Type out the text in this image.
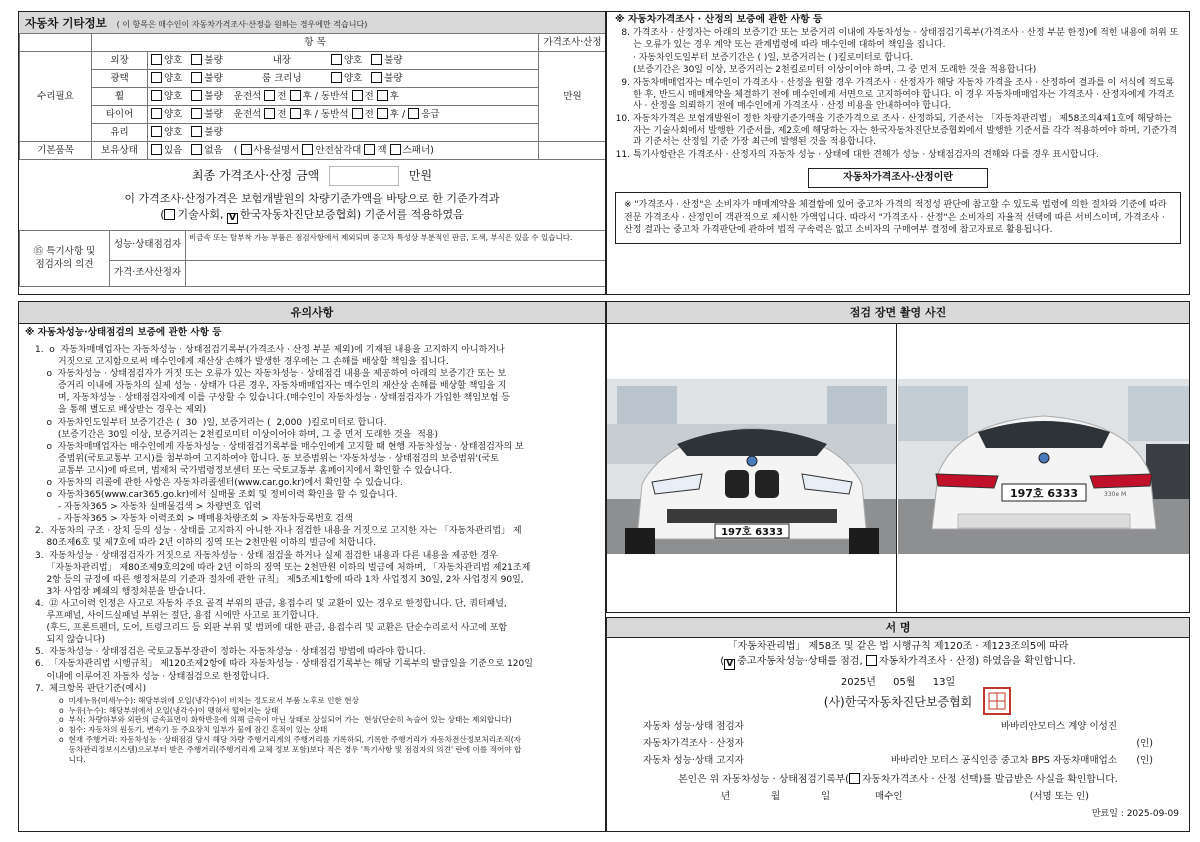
자동차 기타정보 ( 이 항목은 매수인이 자동차가격조사·산정을 원하는 경우에만 적습니다)
	항 목		가격조사·산정
수리필요	외장	양호 불량 내장 양호 불량	만원
	광택	양호 불량 룸 크리닝 양호 불량	
	휠	양호 불량 운전석 전 후 / 동반석 전 후	
	타이어	양호 불량 운전석 전 후 / 동반석 전 후 / 응급	
	유리	양호 불량	
기본품목	보유상태	있음 없음 ( 사용설명서 안전삼각대 잭 스패너)	
최종 가격조사·산정 금액	만원
이 가격조사·산정가격은 보험개발원의 차량기준가액을 바탕으로 한 기준가격과
( 기술사회, V 한국자동차진단보증협회) 기준서를 적용하였음
⑮ 특기사항 및
점검자의 의견	성능·상태점검자	비금속 또는 탈부착 가능 부품은 점검사항에서 제외되며 중고차 특성상 부분적인 판금, 도색, 부식은 있을 수 있습니다.
	가격·조사산정자	
※ 자동차가격조사 · 산정의 보증에 관한 사항 등

8. 가격조사 · 산정자는 아래의 보증기간 또는 보증거리 이내에 자동차성능 · 상태점검기록부(가격조사 · 산정 부분 한정)에 적힌 내용에 허위 또는 오류가 있는 경우 계약 또는 관계법령에 따라 매수인에 대하여 책임을 집니다.

· 자동차인도일부터 보증기간은 ( )일, 보증거리는 ( )킬로미터로 합니다.

(보증기간은 30일 이상, 보증거리는 2천킬로미터 이상이어야 하며, 그 중 먼저 도래한 것을 적용합니다)

9. 자동차매매업자는 매수인이 가격조사 · 산정을 원할 경우 가격조사 · 산정자가 해당 자동차 가격을 조사 · 산정하여 결과를 이 서식에 적도록 한 후, 반드시 매매계약을 체결하기 전에 매수인에게 서면으로 고지하여야 합니다. 이 경우 자동차매매업자는 가격조사 · 산정자에게 가격조사 · 산정을 의뢰하기 전에 매수인에게 가격조사 · 산정 비용을 안내하여야 합니다.

10. 자동차가격은 보험개발원이 정한 차량기준가액을 기준가격으로 조사 · 산정하되, 기준서는 「자동차관리법」 제58조의4제1호에 해당하는 자는 기술사회에서 발행한 기준서를, 제2호에 해당하는 자는 한국자동차진단보증협회에서 발행한 기준서를 각각 적용하여야 하며, 기준가격과 기준서는 산정일 기준 가장 최근에 발행된 것을 적용합니다.

11. 특기사항란은 가격조사 · 산정자의 자동차 성능 · 상태에 대한 견해가 성능 · 상태점검자의 견해와 다를 경우 표시합니다.

자동차가격조사·산정이란
※ "가격조사 · 산정"은 소비자가 매매계약을 체결함에 있어 중고차 가격의 적정성 판단에 참고할 수 있도록 법령에 의한 절차와 기준에 따라 전문 가격조사 · 산정인이 객관적으로 제시한 가액입니다. 따라서 "가격조사 · 산정"은 소비자의 자율적 선택에 따른 서비스이며, 가격조사 · 산정 결과는 중고차 가격판단에 관하여 법적 구속력은 없고 소비자의 구매여부 결정에 참고자료로 활용됩니다.
유의사항
※ 자동차성능·상태점검의 보증에 관한 사항 등
1.  ο  자동차매매업자는 자동차성능 · 상태점검기록부(가격조사 · 산정 부분 제외)에 기재된 내용을 고지하지 아니하거나
거짓으로 고지함으로써 매수인에게 재산상 손해가 발생한 경우에는 그 손해를 배상할 책임을 집니다.
ο  자동차성능 · 상태점검자가 거짓 또는 오류가 있는 자동차성능 · 상태점검 내용을 제공하여 아래의 보증기간 또는 보
증거리 이내에 자동차의 실제 성능 · 상태가 다른 경우, 자동차매매업자는 매수인의 재산상 손해를 배상할 책임을 지
며, 자동차성능 · 상태점검자에게 이를 구상할 수 있습니다.(매수인이 자동차성능 · 상태점검자가 가입한 책임보험 등
을 통해 별도로 배상받는 경우는 제외)
ο  자동차인도일부터 보증기간은 (  30  )일, 보증거리는 (  2,000  )킬로미터로 합니다.
(보증기간은 30일 이상, 보증거리는 2천킬로미터 이상이어야 하며, 그 중 먼저 도래한 것을  적용)
ο  자동차매매업자는 매수인에게 자동차성능 · 상태점검기록부를 매수인에게 고지할 때 현행 자동차성능 · 상태점검자의 보
증범위(국토교통부 고시)를 첨부하여 고지하여야 합니다. 동 보증범위는 '자동차성능 · 상태점검의 보증범위'(국토
교통부 고시)에 따르며, 법제처 국가법령정보센터 또는 국토교통부 홈페이지에서 확인할 수 있습니다.
ο  자동차의 리콜에 관한 사항은 자동차리콜센터(www.car.go.kr)에서 확인할 수 있습니다.
ο  자동차365(www.car365.go.kr)에서 실매물 조회 및 정비이력 확인을 할 수 있습니다.
- 자동차365 > 자동차 실매물검색 > 차량번호 입력
- 자동차365 > 자동차 이력조회 > 매매용차량조회 > 자동차등록번호 검색
2.  자동차의 구조 · 장치 등의 성능 · 상태를 고지하지 아니한 자나 점검한 내용을 거짓으로 고지한 자는 「자동차관리법」 제
80조제6호 및 제7호에 따라 2년 이하의 징역 또는 2천만원 이하의 벌금에 처합니다.
3.  자동차성능 · 상태점검자가 거짓으로 자동차성능 · 상태 점검을 하거나 실제 점검한 내용과 다른 내용을 제공한 경우
「자동차관리법」 제80조제9호의2에 따라 2년 이하의 징역 또는 2천만원 이하의 벌금에 처하며, 「자동차관리법 제21조제
2항 등의 규정에 따른 행정처분의 기준과 절차에 관한 규칙」 제5조제1항에 따라 1차 사업정지 30일, 2차 사업정지 90일,
3차 사업장 폐쇄의 행정처분을 받습니다.
4.  ⑫ 사고이력 인정은 사고로 자동차 주요 골격 부위의 판금, 용접수리 및 교환이 있는 경우로 한정합니다. 단, 쿼터패널,
루프패널, 사이드실패널 부위는 절단, 용접 시에만 사고로 표기합니다.
(후드, 프론트펜더, 도어, 트렁크리드 등 외판 부위 및 범퍼에 대한 판금, 용접수리 및 교환은 단순수리로서 사고에 포함
되지 않습니다)
5.  자동차성능 · 상태점검은 국토교통부장관이 정하는 자동차성능 · 상태점검 방법에 따라야 합니다.
6.  「자동차관리법 시행규칙」 제120조제2항에 따라 자동차성능 · 상태점검기록부는 해당 기록부의 발급일을 기준으로 120일
이내에 이루어진 자동차 성능 · 상태점검으로 한정합니다.
7.  체크항목 판단기준(예시)
ο  미세누유(미세누수): 해당부위에 오일(냉각수)이 비치는 정도로서 부품 노후로 인한 현상
ο  누유(누수): 해당부위에서 오일(냉각수)이 맺혀서 떨어지는 상태
ο  부식: 차량하부와 외판의 금속표면이 화학반응에 의해 금속이 아닌 상태로 상실되어 가는  현상(단순히 녹슬어 있는 상태는 제외합니다)
ο  침수: 자동차의 원동기, 변속기 등 주요장치 일부가 물에 잠긴 흔적이 있는 상태
ο  현재 주행거리: 자동차성능 · 상태점검 당시 해당 차량 주행거리계의 주행거리를 기록하되, 기록한 주행거리가 자동차전산정보처리조직(자
동차관리정보시스템)으로부터 받은 주행거리(주행거리계 교체 정보 포함)보다 적은 경우 '특기사항 및 점검자의 의견' 란에 이를 적어야 합
니다.
점검 장면 촬영 사진
197호 6333
330e M
197호 6333
서 명
「자동차관리법」 제58조 및 같은 법 시행규칙 제120조 · 제123조의5에 따라
( V 중고자동차성능·상태를 점검, 자동차가격조사 · 산정) 하였음을 확인합니다.
2025년 05월 13일
(사)한국자동차진단보증협회
자동차 성능·상태 점검자	바바리안모터스 계양 이성진
자동차가격조사 · 산정자	(인)
자동차 성능·상태 고지자	바바리안 모터스 공식인증 중고차 BPS 자동차매매업소	(인)
본인은 위 자동차성능 · 상태점검기록부( 자동차가격조사 · 산정 선택)를 발급받은 사실을 확인합니다.
년	월	일	매수인	(서명 또는 인)
만료일 : 2025-09-09
